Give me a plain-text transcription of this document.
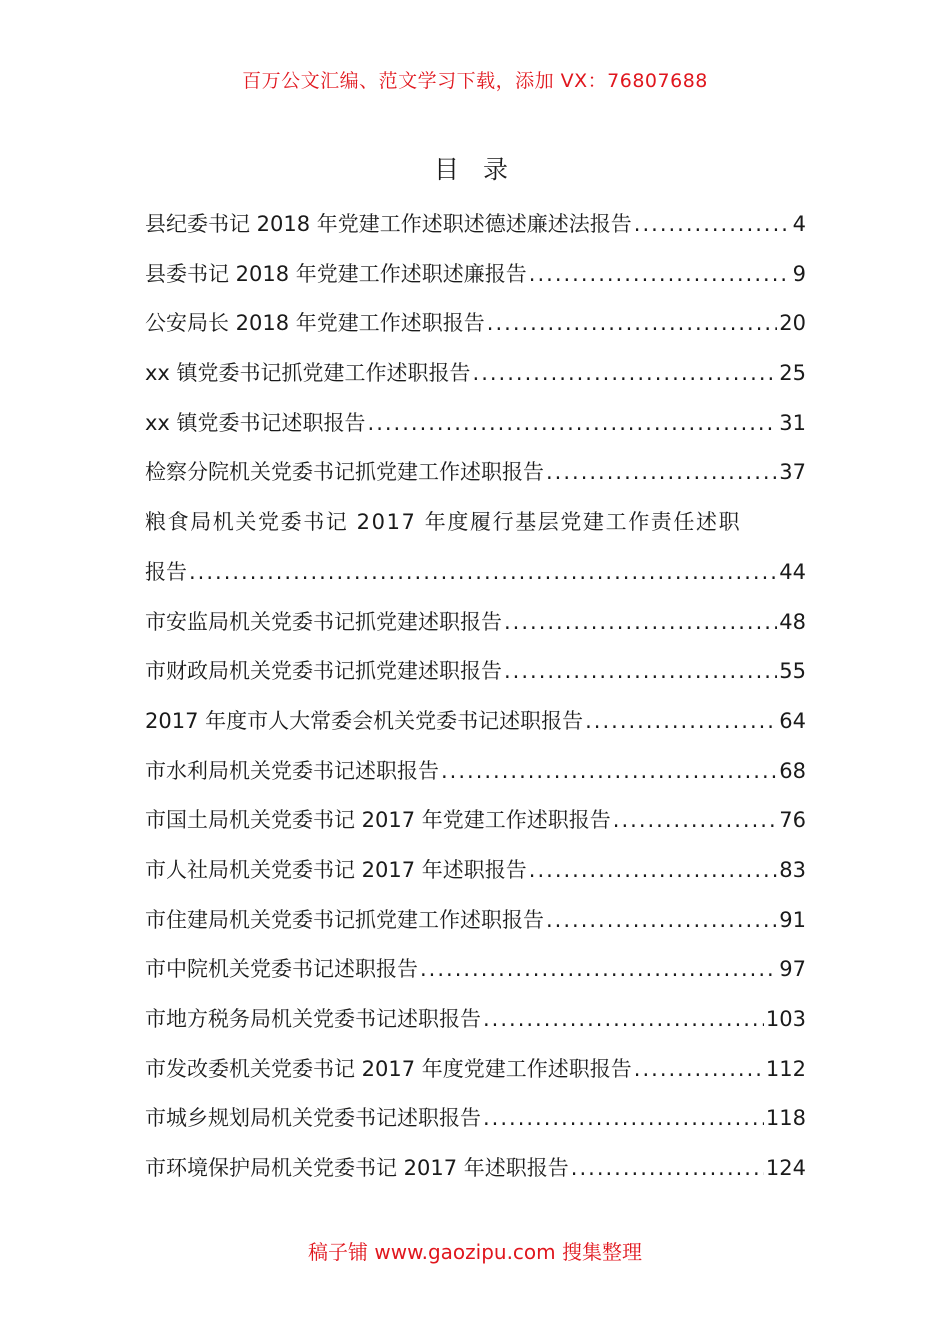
百万公文汇编、范文学习下载，添加 VX：76807688
目 录
县纪委书记 2018 年党建工作述职述德述廉述法报告 .....	4
县委书记 2018 年党建工作述职述廉报告 .....	9
公安局长 2018 年党建工作述职报告 .....	20
xx 镇党委书记抓党建工作述职报告 .....	25
xx 镇党委书记述职报告 .....	31
检察分院机关党委书记抓党建工作述职报告 .....	37
粮食局机关党委书记 2017 年度履行基层党建工作责任述职
报告 .....	44
市安监局机关党委书记抓党建述职报告 .....	48
市财政局机关党委书记抓党建述职报告 .....	55
2017 年度市人大常委会机关党委书记述职报告 .....	64
市水利局机关党委书记述职报告 .....	68
市国土局机关党委书记 2017 年党建工作述职报告 .....	76
市人社局机关党委书记 2017 年述职报告 .....	83
市住建局机关党委书记抓党建工作述职报告 .....	91
市中院机关党委书记述职报告 .....	97
市地方税务局机关党委书记述职报告 .....	103
市发改委机关党委书记 2017 年度党建工作述职报告 .....	112
市城乡规划局机关党委书记述职报告 .....	118
市环境保护局机关党委书记 2017 年述职报告 .....	124
稿子铺 www.gaozipu.com 搜集整理
